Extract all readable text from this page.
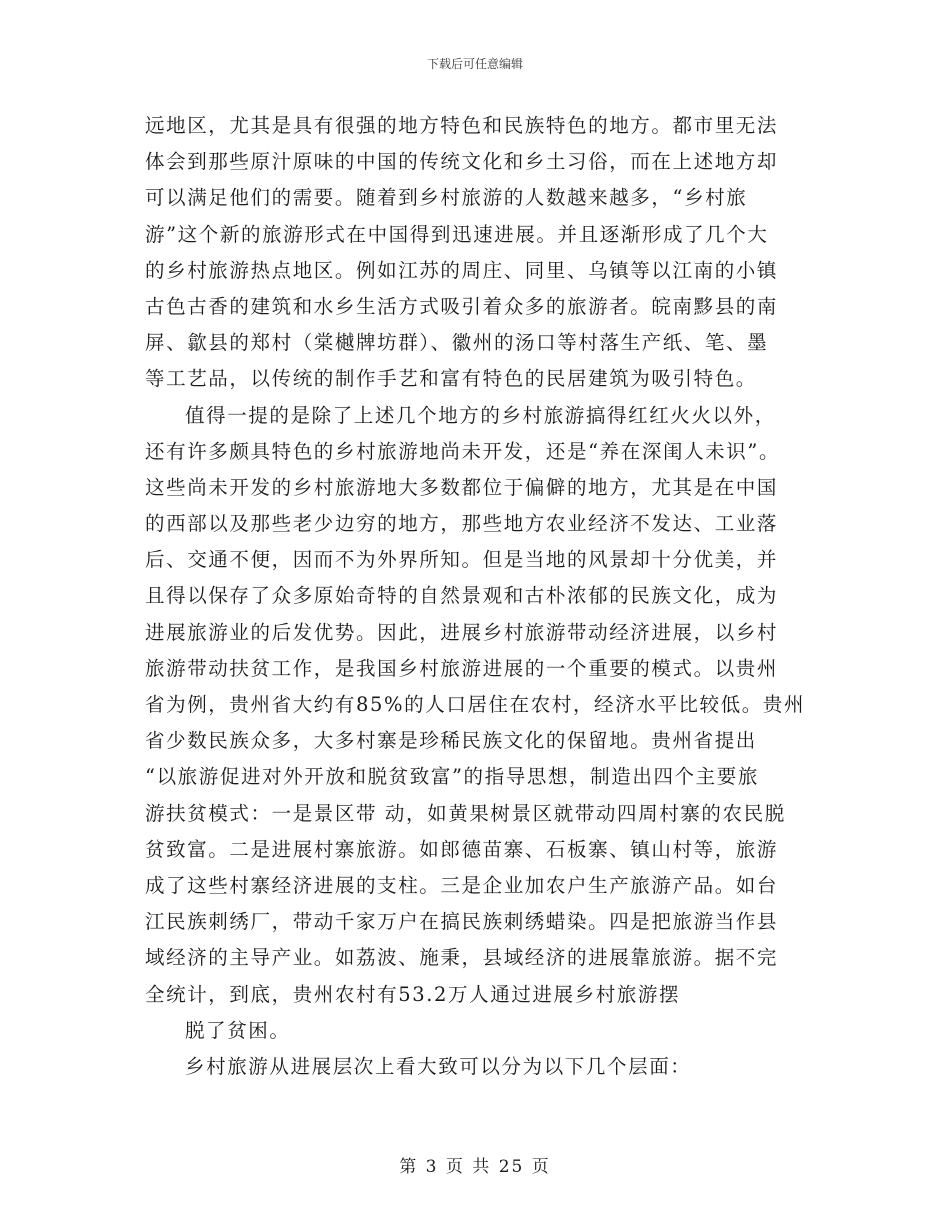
下载后可任意编辑
远地区，尤其是具有很强的地方特色和民族特色的地方。都市里无法
体会到那些原汁原味的中国的传统文化和乡土习俗，而在上述地方却
可以满足他们的需要。随着到乡村旅游的人数越来越多，“乡村旅
游”这个新的旅游形式在中国得到迅速进展。并且逐渐形成了几个大
的乡村旅游热点地区。例如江苏的周庄、同里、乌镇等以江南的小镇
古色古香的建筑和水乡生活方式吸引着众多的旅游者。皖南黟县的南
屏、歙县的郑村（棠樾牌坊群）、徽州的汤口等村落生产纸、笔、墨
等工艺品，以传统的制作手艺和富有特色的民居建筑为吸引特色。
值得一提的是除了上述几个地方的乡村旅游搞得红红火火以外，
还有许多颇具特色的乡村旅游地尚未开发，还是“养在深闺人未识”。
这些尚未开发的乡村旅游地大多数都位于偏僻的地方，尤其是在中国
的西部以及那些老少边穷的地方，那些地方农业经济不发达、工业落
后、交通不便，因而不为外界所知。但是当地的风景却十分优美，并
且得以保存了众多原始奇特的自然景观和古朴浓郁的民族文化，成为
进展旅游业的后发优势。因此，进展乡村旅游带动经济进展，以乡村
旅游带动扶贫工作，是我国乡村旅游进展的一个重要的模式。以贵州
省为例，贵州省大约有85%的人口居住在农村，经济水平比较低。贵州
省少数民族众多，大多村寨是珍稀民族文化的保留地。贵州省提出
“以旅游促进对外开放和脱贫致富”的指导思想，制造出四个主要旅
游扶贫模式：一是景区带 动，如黄果树景区就带动四周村寨的农民脱
贫致富。二是进展村寨旅游。如郎德苗寨、石板寨、镇山村等，旅游
成了这些村寨经济进展的支柱。三是企业加农户生产旅游产品。如台
江民族刺绣厂，带动千家万户在搞民族刺绣蜡染。四是把旅游当作县
域经济的主导产业。如荔波、施秉，县域经济的进展靠旅游。据不完
全统计，到底，贵州农村有53.2万人通过进展乡村旅游摆
脱了贫困。
乡村旅游从进展层次上看大致可以分为以下几个层面：
第 3 页 共 25 页
